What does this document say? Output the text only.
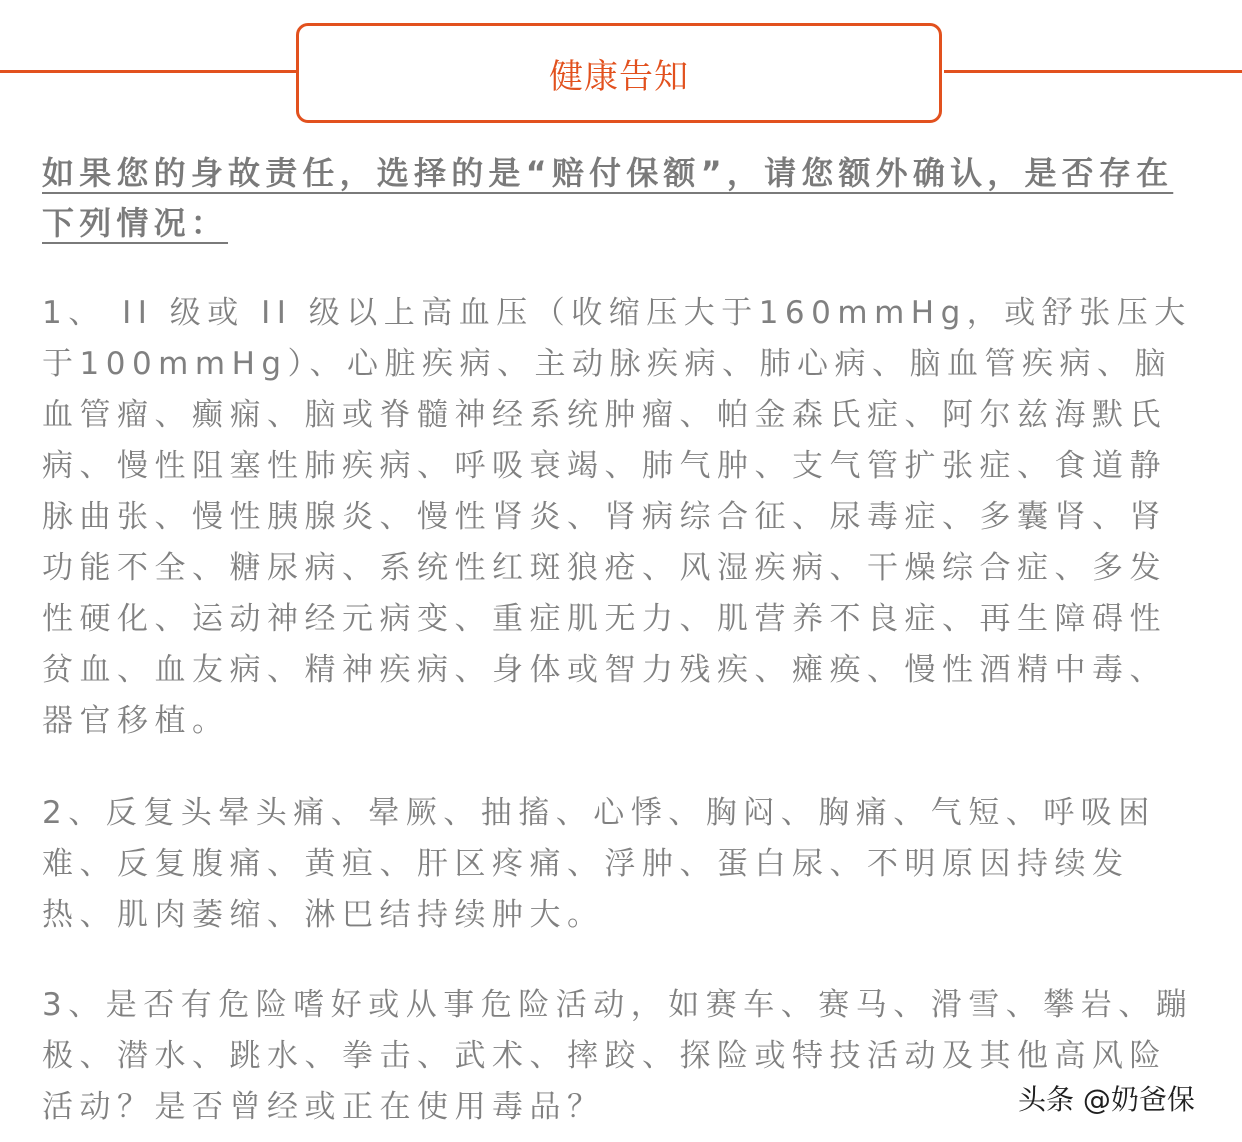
健康告知
如果您的身故责任，选择的是“赔付保额”，请您额外确认，是否存在下列情况：
1、 II 级或 II 级以上高血压（收缩压大于160mmHg，或舒张压大于100mmHg）、心脏疾病、主动脉疾病、肺心病、脑血管疾病、脑血管瘤、癫痫、脑或脊髓神经系统肿瘤、帕金森氏症、阿尔兹海默氏病、慢性阻塞性肺疾病、呼吸衰竭、肺气肿、支气管扩张症、食道静脉曲张、慢性胰腺炎、慢性肾炎、肾病综合征、尿毒症、多囊肾、肾功能不全、糖尿病、系统性红斑狼疮、风湿疾病、干燥综合症、多发性硬化、运动神经元病变、重症肌无力、肌营养不良症、再生障碍性贫血、血友病、精神疾病、身体或智力残疾、瘫痪、慢性酒精中毒、器官移植。
2、反复头晕头痛、晕厥、抽搐、心悸、胸闷、胸痛、气短、呼吸困难、反复腹痛、黄疸、肝区疼痛、浮肿、蛋白尿、不明原因持续发热、肌肉萎缩、淋巴结持续肿大。
3、是否有危险嗜好或从事危险活动，如赛车、赛马、滑雪、攀岩、蹦极、潜水、跳水、拳击、武术、摔跤、探险或特技活动及其他高风险活动？是否曾经或正在使用毒品？	头条 @奶爸保
